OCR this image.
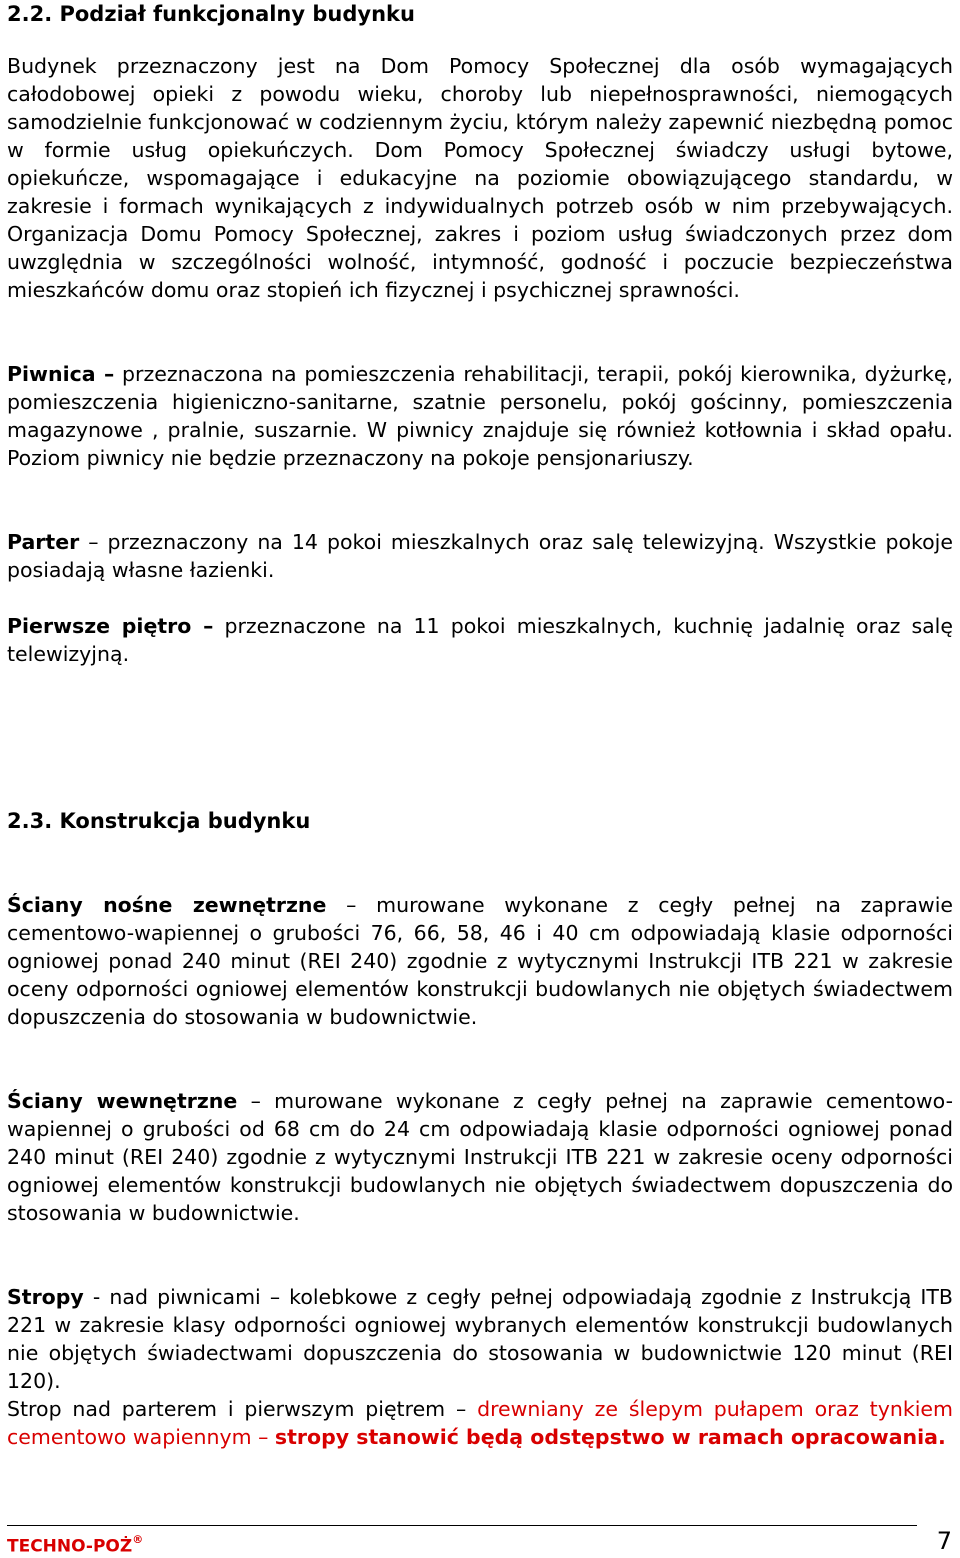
2.2. Podział funkcjonalny budynku

Budynek przeznaczony jest na Dom Pomocy Społecznej dla osób wymagających całodobowej opieki z powodu wieku, choroby lub niepełnosprawności, niemogących samodzielnie funkcjonować w codziennym życiu, którym należy zapewnić niezbędną pomoc w formie usług opiekuńczych. Dom Pomocy Społecznej świadczy usługi bytowe, opiekuńcze, wspomagające i edukacyjne na poziomie obowiązującego standardu, w zakresie i formach wynikających z indywidualnych potrzeb osób w nim przebywających. Organizacja Domu Pomocy Społecznej, zakres i poziom usług świadczonych przez dom uwzględnia w szczególności wolność, intymność, godność i poczucie bezpieczeństwa mieszkańców domu oraz stopień ich fizycznej i psychicznej sprawności.

Piwnica – przeznaczona na pomieszczenia rehabilitacji, terapii, pokój kierownika, dyżurkę, pomieszczenia higieniczno-sanitarne, szatnie personelu, pokój gościnny, pomieszczenia magazynowe , pralnie, suszarnie. W piwnicy znajduje się również kotłownia i skład opału. Poziom piwnicy nie będzie przeznaczony na pokoje pensjonariuszy.

Parter – przeznaczony na 14 pokoi mieszkalnych oraz salę telewizyjną. Wszystkie pokoje posiadają własne łazienki.

Pierwsze piętro – przeznaczone na 11 pokoi mieszkalnych, kuchnię jadalnię oraz salę telewizyjną.

2.3. Konstrukcja budynku

Ściany nośne zewnętrzne – murowane wykonane z cegły pełnej na zaprawie cementowo-wapiennej o grubości 76, 66, 58, 46 i 40 cm odpowiadają klasie odporności ogniowej ponad 240 minut (REI 240) zgodnie z wytycznymi Instrukcji ITB 221 w zakresie oceny odporności ogniowej elementów konstrukcji budowlanych nie objętych świadectwem dopuszczenia do stosowania w budownictwie.

Ściany wewnętrzne – murowane wykonane z cegły pełnej na zaprawie cementowo-wapiennej o grubości od 68 cm do 24 cm odpowiadają klasie odporności ogniowej ponad 240 minut (REI 240) zgodnie z wytycznymi Instrukcji ITB 221 w zakresie oceny odporności ogniowej elementów konstrukcji budowlanych nie objętych świadectwem dopuszczenia do stosowania w budownictwie.

Stropy - nad piwnicami – kolebkowe z cegły pełnej odpowiadają zgodnie z Instrukcją ITB 221 w zakresie klasy odporności ogniowej wybranych elementów konstrukcji budowlanych nie objętych świadectwami dopuszczenia do stosowania w budownictwie 120 minut (REI 120).

Strop nad parterem i pierwszym piętrem – drewniany ze ślepym pułapem oraz tynkiem cementowo wapiennym – stropy stanowić będą odstępstwo w ramach opracowania.

TECHNO-POŻ®	7
